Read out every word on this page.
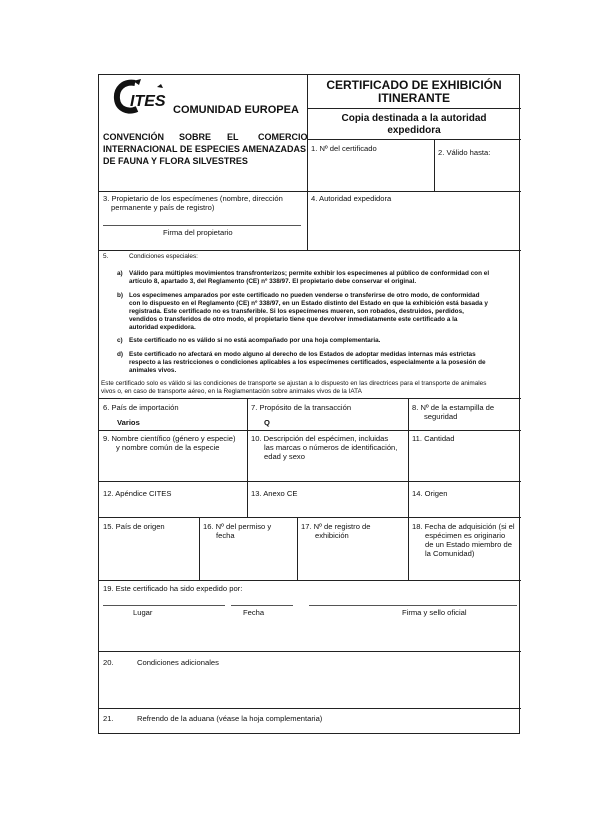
ITES COMUNIDAD EUROPEA
CONVENCIÓN SOBRE EL COMERCIO
INTERNACIONAL DE ESPECIES AMENAZADAS
DE FAUNA Y FLORA SILVESTRES
CERTIFICADO DE EXHIBICIÓN
ITINERANTE
Copia destinada a la autoridad
expedidora
1. Nº del certificado	2. Válido hasta:
3. Propietario de los especímenes (nombre, dirección
permanente y país de registro)
Firma del propietario
4. Autoridad expedidora
5.	Condiciones especiales:
a) Válido para múltiples movimientos transfronterizos; permite exhibir los especímenes al público de conformidad con el
artículo 8, apartado 3, del Reglamento (CE) nº 338/97. El propietario debe conservar el original.
b) Los especímenes amparados por este certificado no pueden venderse o transferirse de otro modo, de conformidad
con lo dispuesto en el Reglamento (CE) nº 338/97, en un Estado distinto del Estado en que la exhibición está basada y
registrada. Este certificado no es transferible. Si los especímenes mueren, son robados, destruidos, perdidos,
vendidos o transferidos de otro modo, el propietario tiene que devolver inmediatamente este certificado a la
autoridad expedidora.
c) Este certificado no es válido si no está acompañado por una hoja complementaria.
d) Este certificado no afectará en modo alguno al derecho de los Estados de adoptar medidas internas más estrictas
respecto a las restricciones o condiciones aplicables a los especímenes certificados, especialmente a la posesión de
animales vivos.
Este certificado solo es válido si las condiciones de transporte se ajustan a lo dispuesto en las directrices para el transporte de animales
vivos o, en caso de transporte aéreo, en la Reglamentación sobre animales vivos de la IATA
6. País de importación
Varios
7. Propósito de la transacción
Q
8. Nº de la estampilla de
seguridad
9. Nombre científico (género y especie)
y nombre común de la especie
10. Descripción del espécimen, incluidas
las marcas o números de identificación,
edad y sexo
11. Cantidad
12. Apéndice CITES	13. Anexo CE	14. Origen
15. País de origen	16. Nº del permiso y
fecha
17. Nº de registro de
exhibición
18. Fecha de adquisición (si el
espécimen es originario
de un Estado miembro de
la Comunidad)
19. Este certificado ha sido expedido por:
Lugar	Fecha	Firma y sello oficial
20.	Condiciones adicionales
21.	Refrendo de la aduana (véase la hoja complementaria)
